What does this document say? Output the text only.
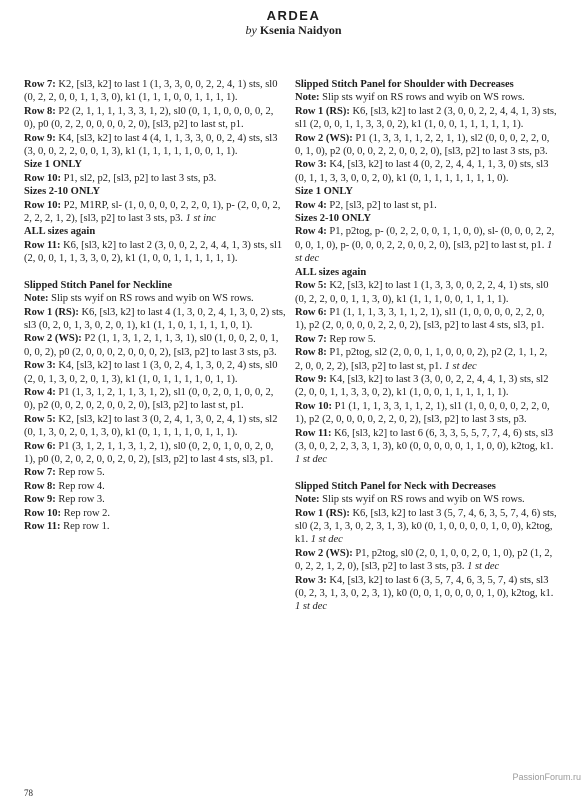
ARDEA
by Ksenia Naidyon

Row 7: K2, [sl3, k2] to last 1 (1, 3, 3, 0, 0, 2, 2, 4, 1) sts, sl0 (0, 2, 2, 0, 0, 1, 1, 3, 0), k1 (1, 1, 1, 0, 0, 1, 1, 1, 1).

Row 8: P2 (2, 1, 1, 1, 1, 3, 3, 1, 2), sl0 (0, 1, 1, 0, 0, 0, 0, 2, 0), p0 (0, 2, 2, 0, 0, 0, 0, 2, 0), [sl3, p2] to last st, p1.

Row 9: K4, [sl3, k2] to last 4 (4, 1, 1, 3, 3, 0, 0, 2, 4) sts, sl3 (3, 0, 0, 2, 2, 0, 0, 1, 3), k1 (1, 1, 1, 1, 1, 0, 0, 1, 1).

Size 1 ONLY

Row 10: P1, sl2, p2, [sl3, p2] to last 3 sts, p3.

Sizes 2-10 ONLY

Row 10: P2, M1RP, sl- (1, 0, 0, 0, 0, 2, 2, 0, 1), p- (2, 0, 0, 2, 2, 2, 2, 1, 2), [sl3, p2] to last 3 sts, p3. 1 st inc

ALL sizes again

Row 11: K6, [sl3, k2] to last 2 (3, 0, 0, 2, 2, 4, 4, 1, 3) sts, sl1 (2, 0, 0, 1, 1, 3, 3, 0, 2), k1 (1, 0, 0, 1, 1, 1, 1, 1, 1).

Slipped Stitch Panel for Neckline

Note: Slip sts wyif on RS rows and wyib on WS rows.

Row 1 (RS): K6, [sl3, k2] to last 4 (1, 3, 0, 2, 4, 1, 3, 0, 2) sts, sl3 (0, 2, 0, 1, 3, 0, 2, 0, 1), k1 (1, 1, 0, 1, 1, 1, 1, 0, 1).

Row 2 (WS): P2 (1, 1, 3, 1, 2, 1, 1, 3, 1), sl0 (1, 0, 0, 2, 0, 1, 0, 0, 2), p0 (2, 0, 0, 0, 2, 0, 0, 0, 2), [sl3, p2] to last 3 sts, p3.

Row 3: K4, [sl3, k2] to last 1 (3, 0, 2, 4, 1, 3, 0, 2, 4) sts, sl0 (2, 0, 1, 3, 0, 2, 0, 1, 3), k1 (1, 0, 1, 1, 1, 1, 0, 1, 1).

Row 4: P1 (1, 3, 1, 2, 1, 1, 3, 1, 2), sl1 (0, 0, 2, 0, 1, 0, 0, 2, 0), p2 (0, 0, 2, 0, 2, 0, 0, 2, 0), [sl3, p2] to last st, p1.

Row 5: K2, [sl3, k2] to last 3 (0, 2, 4, 1, 3, 0, 2, 4, 1) sts, sl2 (0, 1, 3, 0, 2, 0, 1, 3, 0), k1 (0, 1, 1, 1, 1, 0, 1, 1, 1).

Row 6: P1 (3, 1, 2, 1, 1, 3, 1, 2, 1), sl0 (0, 2, 0, 1, 0, 0, 2, 0, 1), p0 (0, 2, 0, 2, 0, 0, 2, 0, 2), [sl3, p2] to last 4 sts, sl3, p1.

Row 7: Rep row 5.

Row 8: Rep row 4.

Row 9: Rep row 3.

Row 10: Rep row 2.

Row 11: Rep row 1.

Slipped Stitch Panel for Shoulder with Decreases

Note: Slip sts wyif on RS rows and wyib on WS rows.

Row 1 (RS): K6, [sl3, k2] to last 2 (3, 0, 0, 2, 2, 4, 4, 1, 3) sts, sl1 (2, 0, 0, 1, 1, 3, 3, 0, 2), k1 (1, 0, 0, 1, 1, 1, 1, 1, 1).

Row 2 (WS): P1 (1, 3, 3, 1, 1, 2, 2, 1, 1), sl2 (0, 0, 0, 2, 2, 0, 0, 1, 0), p2 (0, 0, 0, 2, 2, 0, 0, 2, 0), [sl3, p2] to last 3 sts, p3.

Row 3: K4, [sl3, k2] to last 4 (0, 2, 2, 4, 4, 1, 1, 3, 0) sts, sl3 (0, 1, 1, 3, 3, 0, 0, 2, 0), k1 (0, 1, 1, 1, 1, 1, 1, 1, 0).

Size 1 ONLY

Row 4: P2, [sl3, p2] to last st, p1.

Sizes 2-10 ONLY

Row 4: P1, p2tog, p- (0, 2, 2, 0, 0, 1, 1, 0, 0), sl- (0, 0, 0, 2, 2, 0, 0, 1, 0), p- (0, 0, 0, 2, 2, 0, 0, 2, 0), [sl3, p2] to last st, p1. 1 st dec

ALL sizes again

Row 5: K2, [sl3, k2] to last 1 (1, 3, 3, 0, 0, 2, 2, 4, 1) sts, sl0 (0, 2, 2, 0, 0, 1, 1, 3, 0), k1 (1, 1, 1, 0, 0, 1, 1, 1, 1).

Row 6: P1 (1, 1, 1, 3, 3, 1, 1, 2, 1), sl1 (1, 0, 0, 0, 0, 2, 2, 0, 1), p2 (2, 0, 0, 0, 0, 2, 2, 0, 2), [sl3, p2] to last 4 sts, sl3, p1.

Row 7: Rep row 5.

Row 8: P1, p2tog, sl2 (2, 0, 0, 1, 1, 0, 0, 0, 2), p2 (2, 1, 1, 2, 2, 0, 0, 2, 2), [sl3, p2] to last st, p1. 1 st dec

Row 9: K4, [sl3, k2] to last 3 (3, 0, 0, 2, 2, 4, 4, 1, 3) sts, sl2 (2, 0, 0, 1, 1, 3, 3, 0, 2), k1 (1, 0, 0, 1, 1, 1, 1, 1, 1).

Row 10: P1 (1, 1, 1, 3, 3, 1, 1, 2, 1), sl1 (1, 0, 0, 0, 0, 2, 2, 0, 1), p2 (2, 0, 0, 0, 0, 2, 2, 0, 2), [sl3, p2] to last 3 sts, p3.

Row 11: K6, [sl3, k2] to last 6 (6, 3, 3, 5, 5, 7, 7, 4, 6) sts, sl3 (3, 0, 0, 2, 2, 3, 3, 1, 3), k0 (0, 0, 0, 0, 0, 1, 1, 0, 0), k2tog, k1. 1 st dec

Slipped Stitch Panel for Neck with Decreases

Note: Slip sts wyif on RS rows and wyib on WS rows.

Row 1 (RS): K6, [sl3, k2] to last 3 (5, 7, 4, 6, 3, 5, 7, 4, 6) sts, sl0 (2, 3, 1, 3, 0, 2, 3, 1, 3), k0 (0, 1, 0, 0, 0, 0, 1, 0, 0), k2tog, k1. 1 st dec

Row 2 (WS): P1, p2tog, sl0 (2, 0, 1, 0, 0, 2, 0, 1, 0), p2 (1, 2, 0, 2, 2, 1, 2, 0), [sl3, p2] to last 3 sts, p3. 1 st dec

Row 3: K4, [sl3, k2] to last 6 (3, 5, 7, 4, 6, 3, 5, 7, 4) sts, sl3 (0, 2, 3, 1, 3, 0, 2, 3, 1), k0 (0, 0, 1, 0, 0, 0, 0, 1, 0), k2tog, k1. 1 st dec

78
PassionForum.ru
